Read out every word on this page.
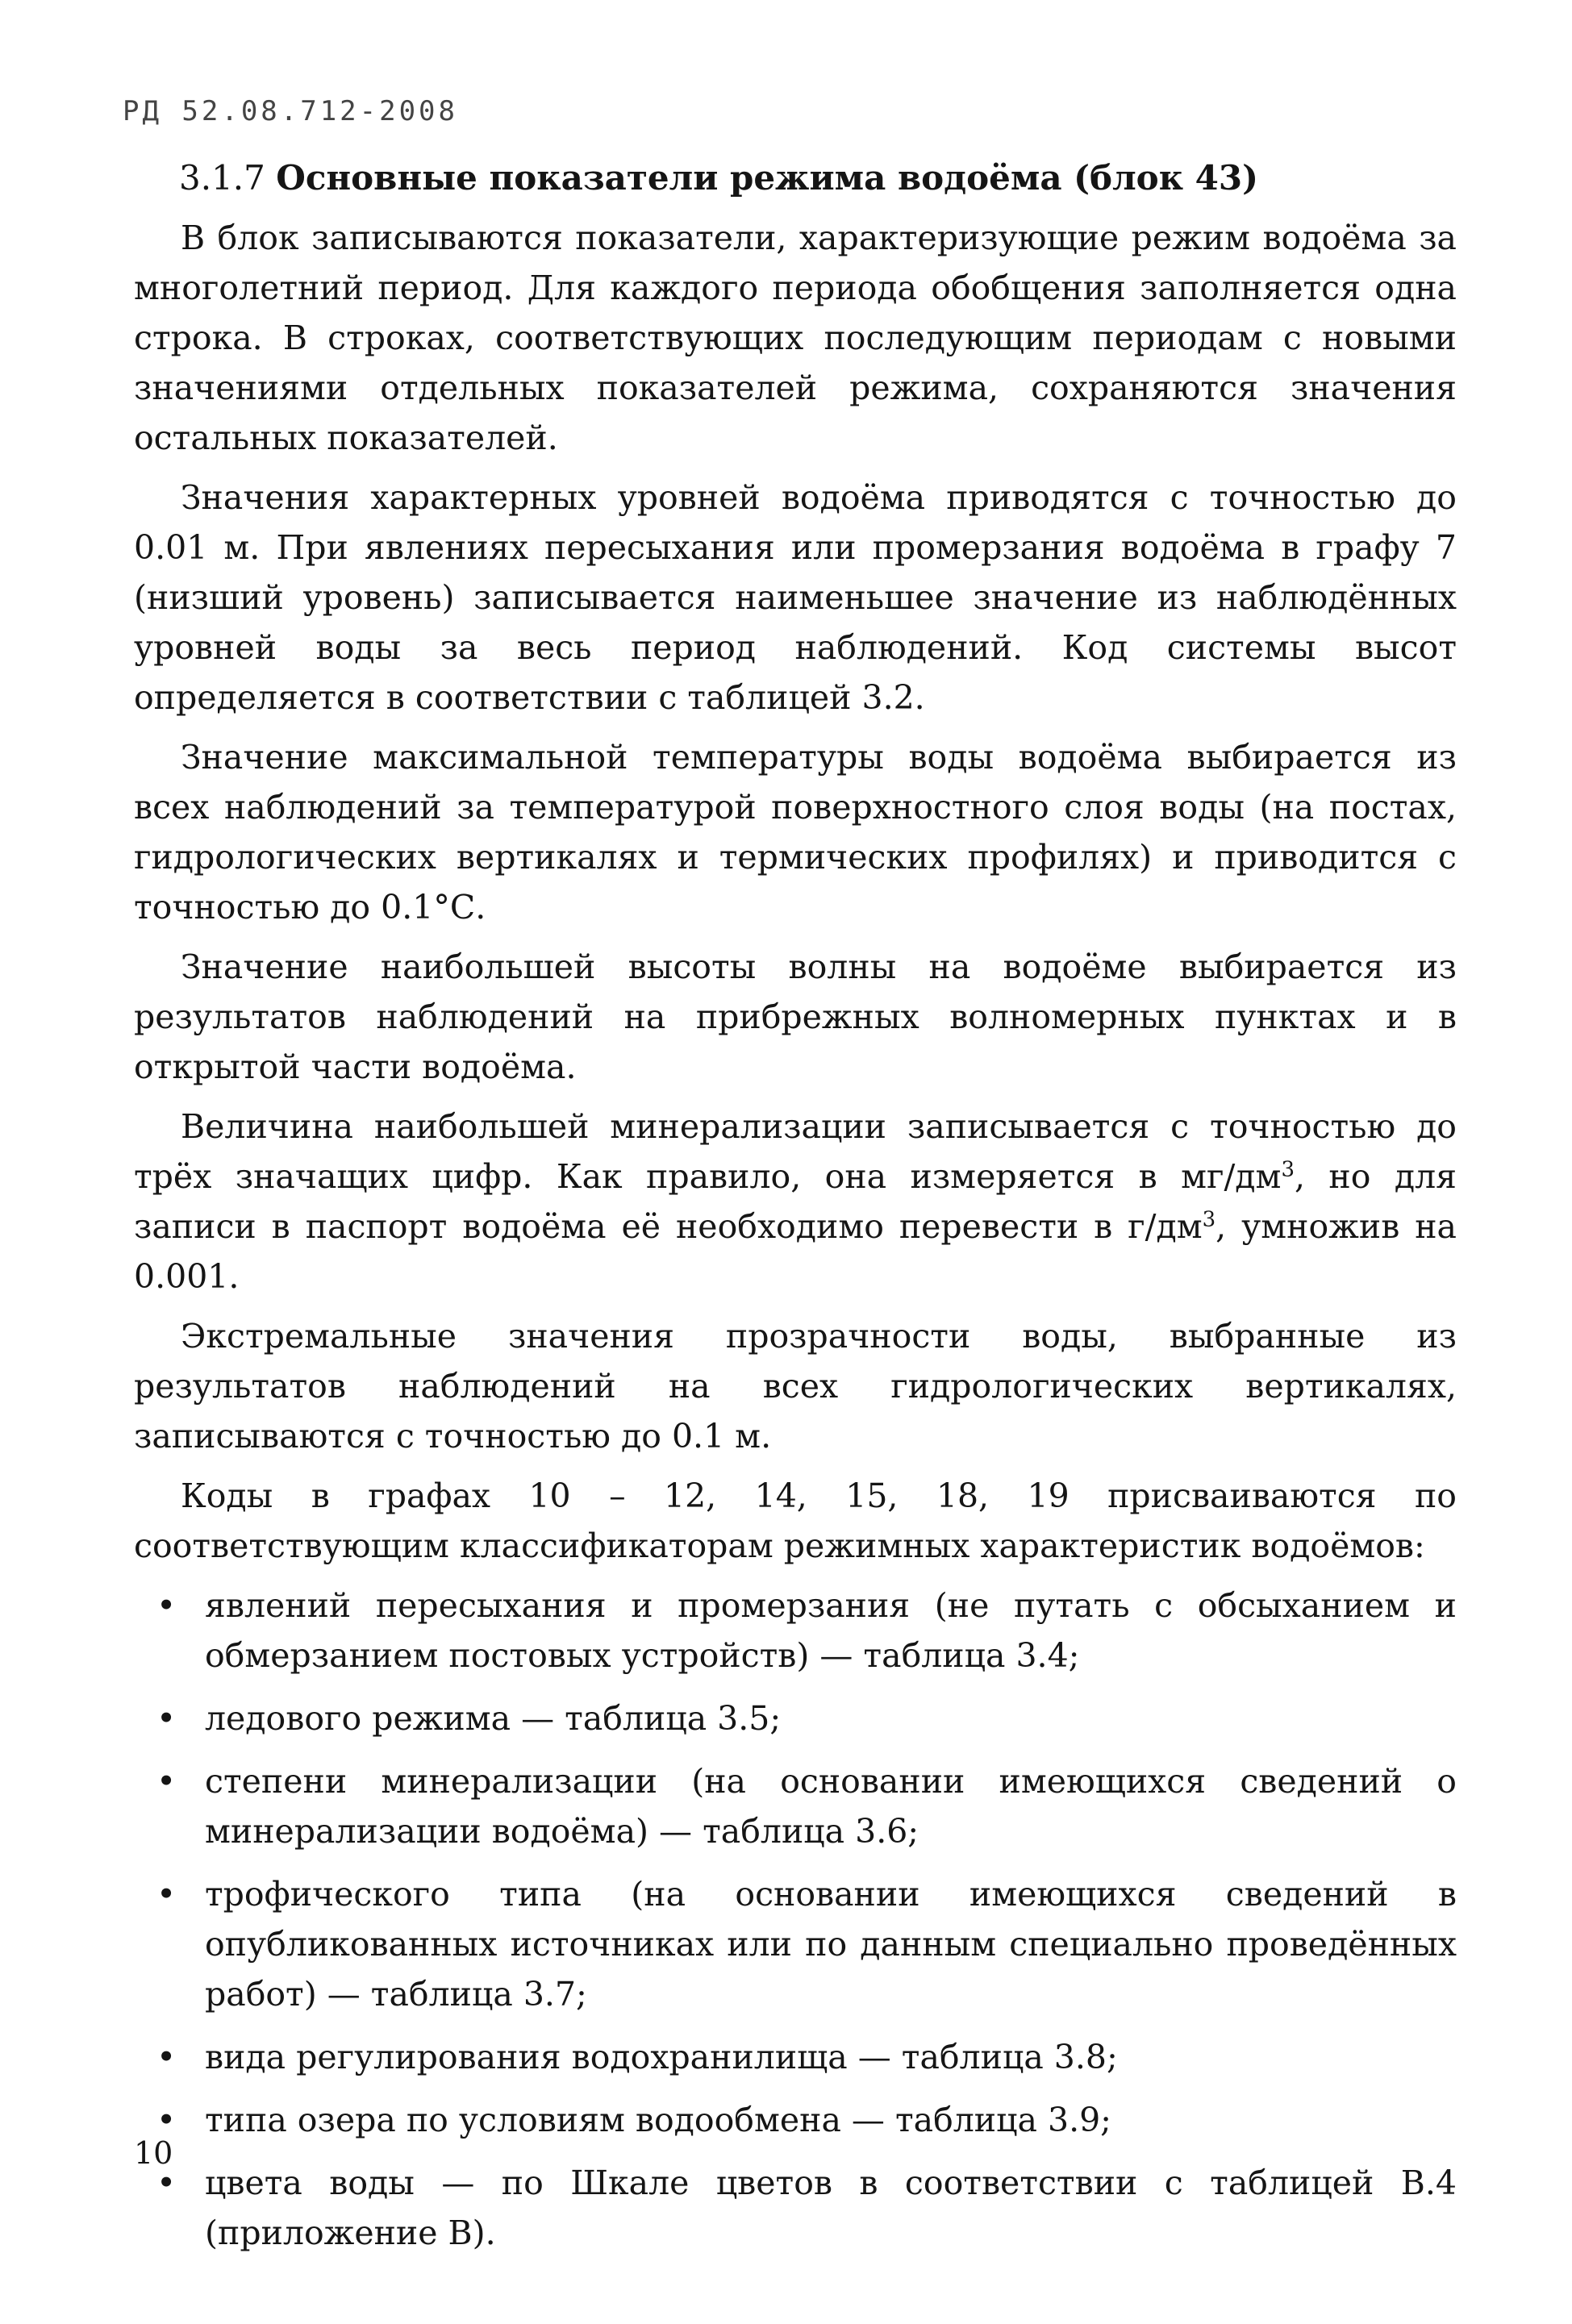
РД 52.08.712-2008
3.1.7 Основные показатели режима водоёма (блок 43)

В блок записываются показатели, характеризующие режим водоёма за многолетний период. Для каждого периода обобщения заполняется одна строка. В строках, соответствующих последующим периодам с новыми значениями отдельных показателей режима, сохраняются значения остальных показателей.

Значения характерных уровней водоёма приводятся с точностью до 0.01 м. При явлениях пересыхания или промерзания водоёма в графу 7 (низший уровень) записывается наименьшее значение из наблюдённых уровней воды за весь период наблюдений. Код системы высот определяется в соответствии с таблицей 3.2.

Значение максимальной температуры воды водоёма выбирается из всех наблюдений за температурой поверхностного слоя воды (на постах, гидрологических вертикалях и термических профилях) и приводится с точностью до 0.1°С.

Значение наибольшей высоты волны на водоёме выбирается из результатов наблюдений на прибрежных волномерных пунктах и в открытой части водоёма.

Величина наибольшей минерализации записывается с точностью до трёх значащих цифр. Как правило, она измеряется в $мг/дм^3$, но для записи в паспорт водоёма её необходимо перевести в $г/дм^3$, умножив на 0.001.

Экстремальные значения прозрачности воды, выбранные из результатов наблюдений на всех гидрологических вертикалях, записываются с точностью до 0.1 м.

Коды в графах 10 – 12, 14, 15, 18, 19 присваиваются по соответствующим классификаторам режимных характеристик водоёмов:

• явлений пересыхания и промерзания (не путать с обсыханием и обмерзанием постовых устройств) — таблица 3.4;
• ледового режима — таблица 3.5;
• степени минерализации (на основании имеющихся сведений о минерализации водоёма) — таблица 3.6;
• трофического типа (на основании имеющихся сведений в опубликованных источниках или по данным специально проведённых работ) — таблица 3.7;
• вида регулирования водохранилища — таблица 3.8;
• типа озера по условиям водообмена — таблица 3.9;
• цвета воды — по Шкале цветов в соответствии с таблицей В.4 (приложение В).
10
